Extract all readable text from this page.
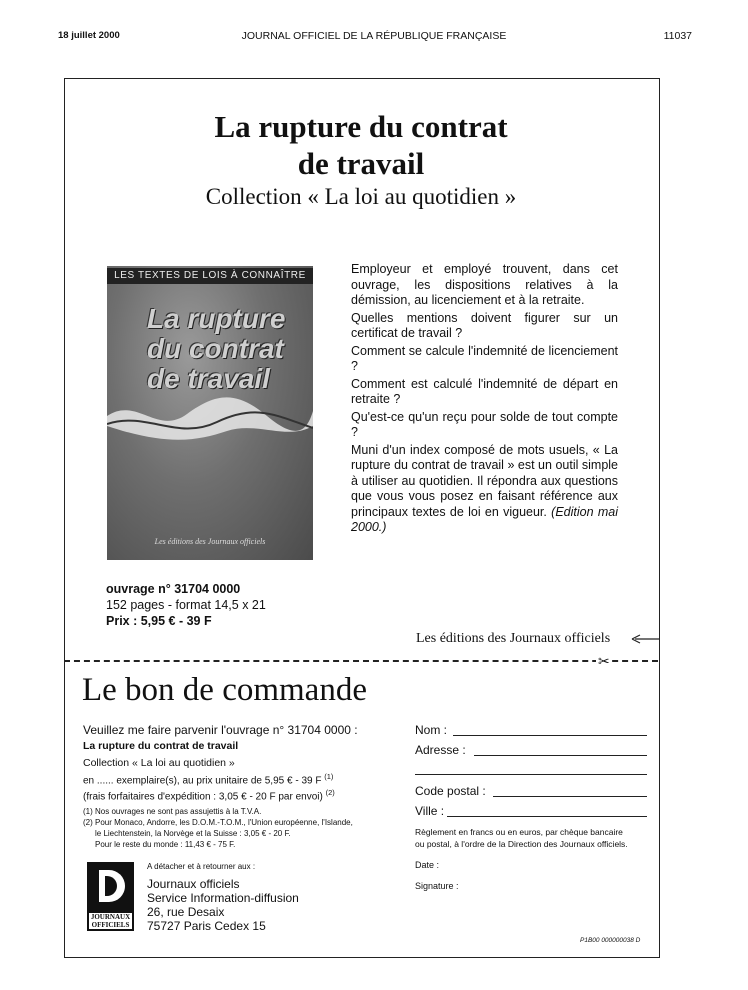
18 juillet 2000	JOURNAL OFFICIEL DE LA RÉPUBLIQUE FRANÇAISE	11037
La rupture du contrat
de travail
Collection « La loi au quotidien »
LES TEXTES DE LOIS À CONNAÎTRE
La rupture
du contrat
de travail
Les éditions des Journaux officiels

Employeur et employé trouvent, dans cet ouvrage, les dispositions relatives à la démission, au licenciement et à la retraite.

Quelles mentions doivent figurer sur un certificat de travail ?

Comment se calcule l'indemnité de licenciement ?

Comment est calculé l'indemnité de départ en retraite ?

Qu'est-ce qu'un reçu pour solde de tout compte ?

Muni d'un index composé de mots usuels, « La rupture du contrat de travail » est un outil simple à utiliser au quotidien. Il répondra aux questions que vous vous posez en faisant référence aux principaux textes de loi en vigueur. (Edition mai 2000.)

ouvrage n° 31704 0000
152 pages - format 14,5 x 21
Prix : 5,95 € - 39 F
Les éditions des Journaux officiels
✂
Le bon de commande
Veuillez me faire parvenir l'ouvrage n° 31704 0000 :
La rupture du contrat de travail
Collection « La loi au quotidien »
en ...... exemplaire(s), au prix unitaire de 5,95 € - 39 F $^{(1)}$
(frais forfaitaires d'expédition : 3,05 € - 20 F par envoi) $^{(2)}$
(1) Nos ouvrages ne sont pas assujettis à la T.V.A.
(2) Pour Monaco, Andorre, les D.O.M.-T.O.M., l'Union européenne, l'Islande,
le Liechtenstein, la Norvège et la Suisse : 3,05 € - 20 F.
Pour le reste du monde : 11,43 € - 75 F.
A détacher et à retourner aux :
JOURNAUX
OFFICIELS
Journaux officiels
Service Information-diffusion
26, rue Desaix
75727 Paris Cedex 15
Nom :
Adresse :
Code postal :
Ville :
Règlement en francs ou en euros, par chèque bancaire
ou postal, à l'ordre de la Direction des Journaux officiels.
Date :
Signature :
P1B00 000000038 D
